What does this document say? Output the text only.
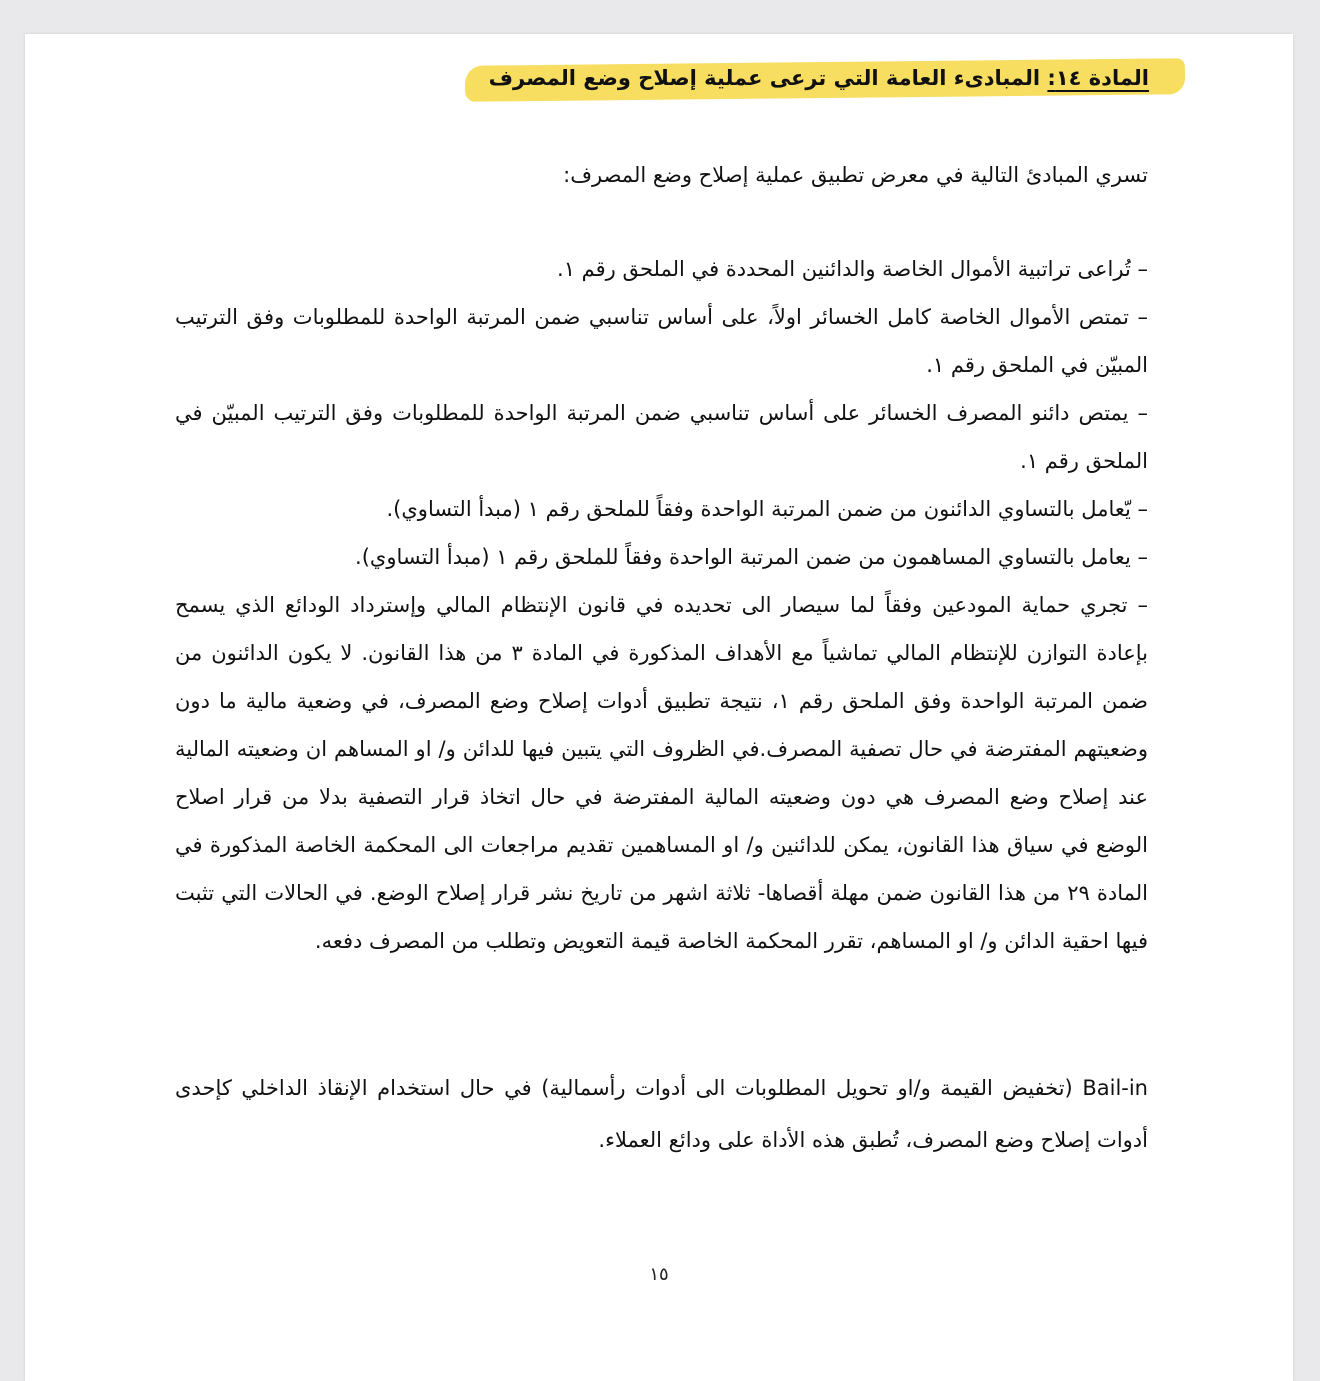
المادة ١٤: المبادىء العامة التي ترعى عملية إصلاح وضع المصرف
تسري المبادئ التالية في معرض تطبيق عملية إصلاح وضع المصرف:

– تُراعى تراتبية الأموال الخاصة والدائنين المحددة في الملحق رقم ١.

– تمتص الأموال الخاصة كامل الخسائر اولاً، على أساس تناسبي ضمن المرتبة الواحدة للمطلوبات وفق الترتيب المبيّن في الملحق رقم ١.

– يمتص دائنو المصرف الخسائر على أساس تناسبي ضمن المرتبة الواحدة للمطلوبات وفق الترتيب المبيّن في الملحق رقم ١.

– يّعامل بالتساوي الدائنون من ضمن المرتبة الواحدة وفقاً للملحق رقم ١ (مبدأ التساوي).

– يعامل بالتساوي المساهمون من ضمن المرتبة الواحدة وفقاً للملحق رقم ١ (مبدأ التساوي).

– تجري حماية المودعين وفقاً لما سيصار الى تحديده في قانون الإنتظام المالي وإسترداد الودائع الذي يسمح بإعادة التوازن للإنتظام المالي تماشياً مع الأهداف المذكورة في المادة ٣ من هذا القانون. لا يكون الدائنون من ضمن المرتبة الواحدة وفق الملحق رقم ١، نتيجة تطبيق أدوات إصلاح وضع المصرف، في وضعية مالية ما دون وضعيتهم المفترضة في حال تصفية المصرف.في الظروف التي يتبين فيها للدائن و/ او المساهم ان وضعيته المالية عند إصلاح وضع المصرف هي دون وضعيته المالية المفترضة في حال اتخاذ قرار التصفية بدلا من قرار اصلاح الوضع في سياق هذا القانون، يمكن للدائنين و/ او المساهمين تقديم مراجعات الى المحكمة الخاصة المذكورة في المادة ٢٩ من هذا القانون ضمن مهلة أقصاها- ثلاثة اشهر من تاريخ نشر قرار إصلاح الوضع. في الحالات التي تثبت فيها احقية الدائن و/ او المساهم، تقرر المحكمة الخاصة قيمة التعويض وتطلب من المصرف دفعه.

Bail-in (تخفيض القيمة و/او تحويل المطلوبات الى أدوات رأسمالية) في حال استخدام الإنقاذ الداخلي كإحدى أدوات إصلاح وضع المصرف، تُطبق هذه الأداة على ودائع العملاء.
١٥
